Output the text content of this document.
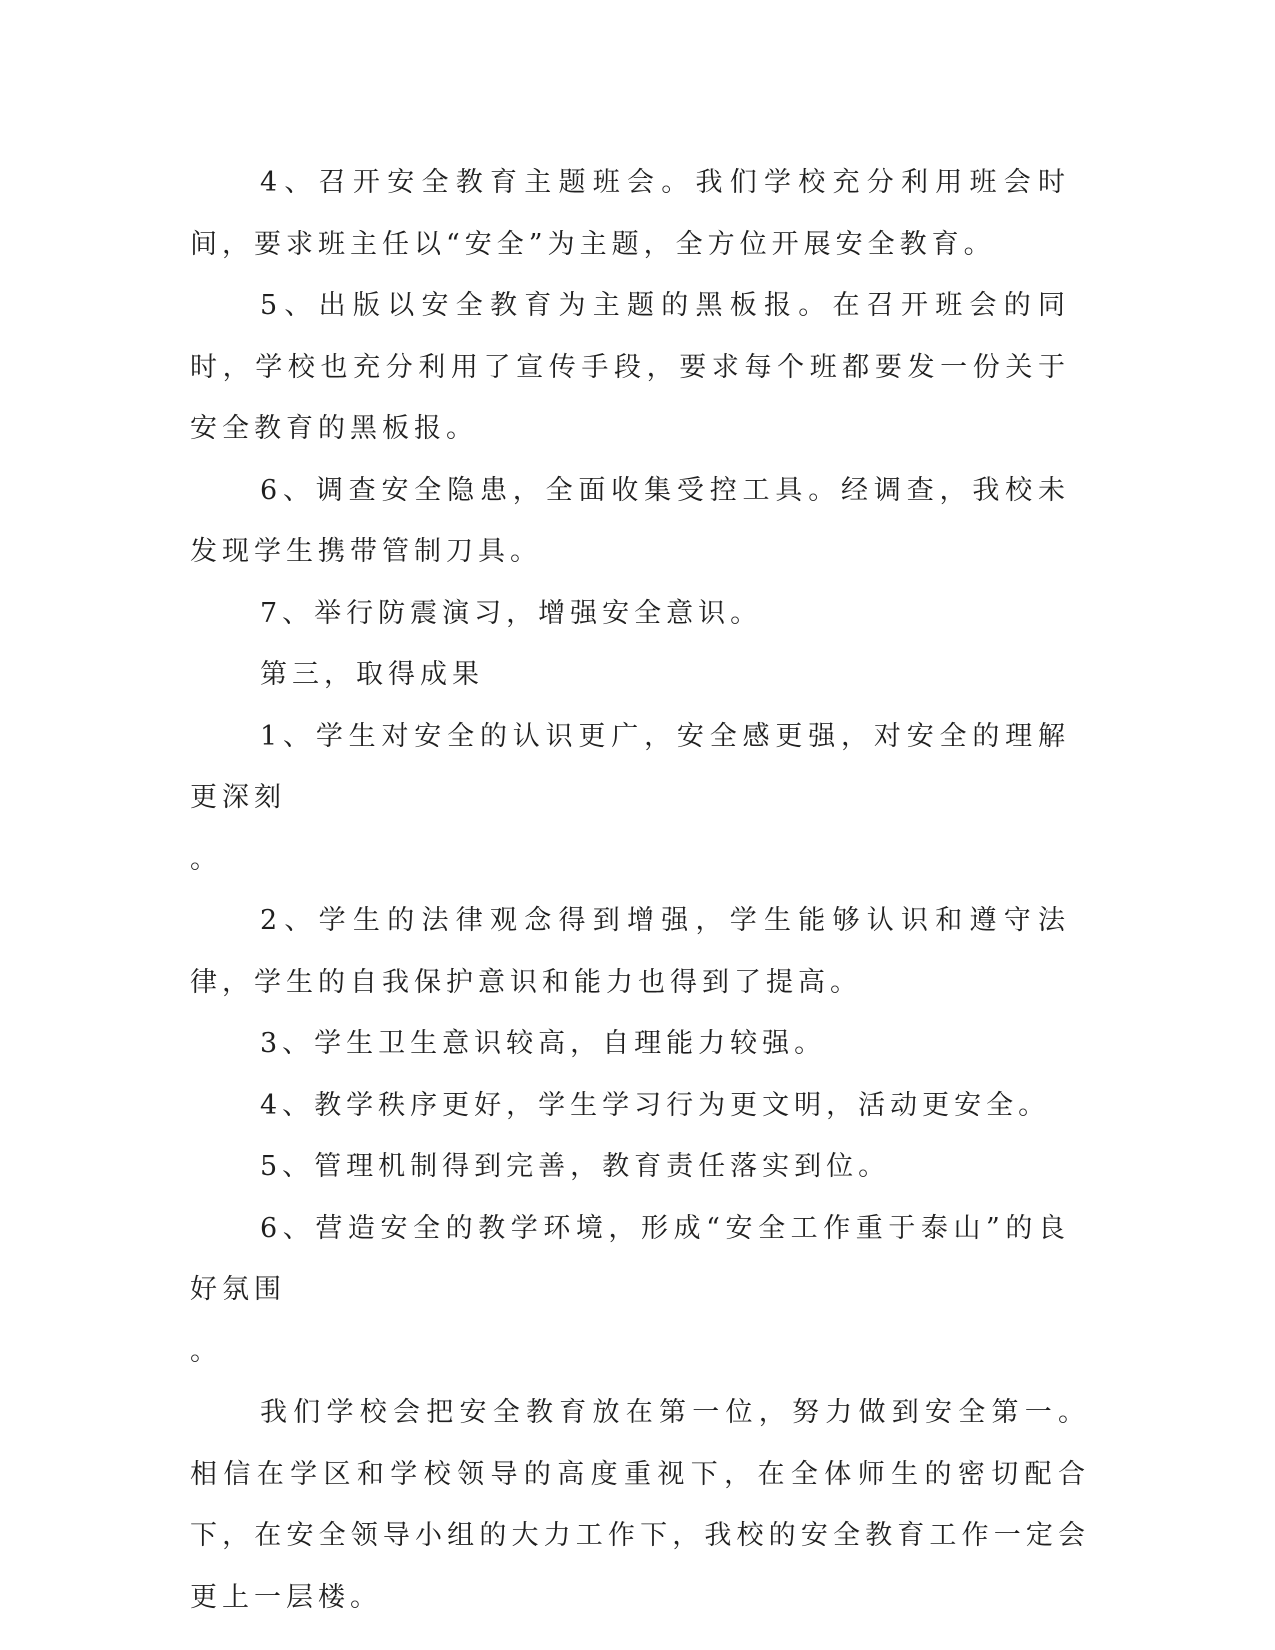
4、召开安全教育主题班会。我们学校充分利用班会时间，要求班主任以“安全”为主题，全方位开展安全教育。

5、出版以安全教育为主题的黑板报。在召开班会的同时，学校也充分利用了宣传手段，要求每个班都要发一份关于安全教育的黑板报。

6、调查安全隐患，全面收集受控工具。经调查，我校未发现学生携带管制刀具。

7、举行防震演习，增强安全意识。

第三，取得成果

1、学生对安全的认识更广，安全感更强，对安全的理解更深刻

。

2、学生的法律观念得到增强，学生能够认识和遵守法律，学生的自我保护意识和能力也得到了提高。

3、学生卫生意识较高，自理能力较强。

4、教学秩序更好，学生学习行为更文明，活动更安全。

5、管理机制得到完善，教育责任落实到位。

6、营造安全的教学环境，形成“安全工作重于泰山”的良好氛围

。

我们学校会把安全教育放在第一位，努力做到安全第一。相信在学区和学校领导的高度重视下，在全体师生的密切配合下，在安全领导小组的大力工作下，我校的安全教育工作一定会更上一层楼。
